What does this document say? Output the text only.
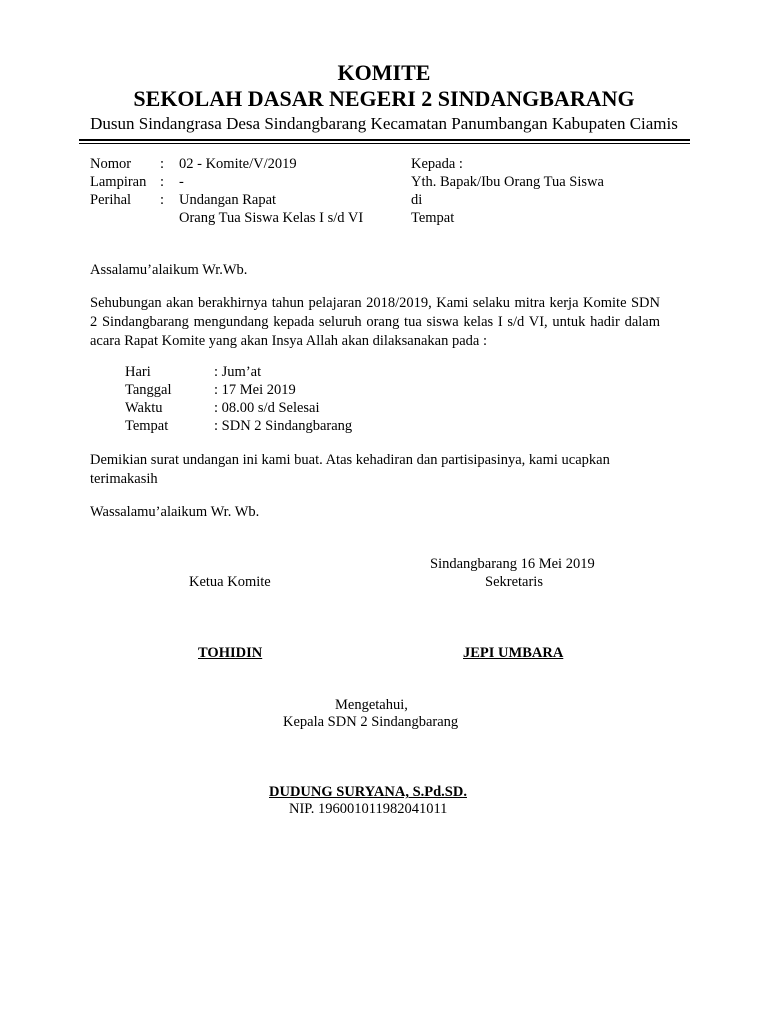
KOMITE
SEKOLAH DASAR NEGERI 2 SINDANGBARANG
Dusun Sindangrasa Desa Sindangbarang Kecamatan Panumbangan Kabupaten Ciamis
Nomor : 02 - Komite/V/2019
Lampiran : -
Perihal : Undangan Rapat
Orang Tua Siswa Kelas I s/d VI
Kepada :
Yth. Bapak/Ibu Orang Tua Siswa
di
Tempat
Assalamu’alaikum Wr.Wb.
Sehubungan akan berakhirnya tahun pelajaran 2018/2019, Kami selaku mitra kerja Komite SDN 2 Sindangbarang mengundang kepada seluruh orang tua siswa kelas I s/d VI, untuk hadir dalam acara Rapat Komite yang akan Insya Allah akan dilaksanakan pada :
Hari	: Jum’at
Tanggal	: 17 Mei 2019
Waktu	: 08.00 s/d Selesai
Tempat	: SDN 2 Sindangbarang
Demikian surat undangan ini kami buat. Atas kehadiran dan partisipasinya, kami ucapkan terimakasih
Wassalamu’alaikum Wr. Wb.
Sindangbarang 16 Mei 2019
Ketua Komite	Sekretaris
TOHIDIN	JEPI UMBARA
Mengetahui,
Kepala SDN 2 Sindangbarang
DUDUNG SURYANA, S.Pd.SD.
NIP. 196001011982041011
